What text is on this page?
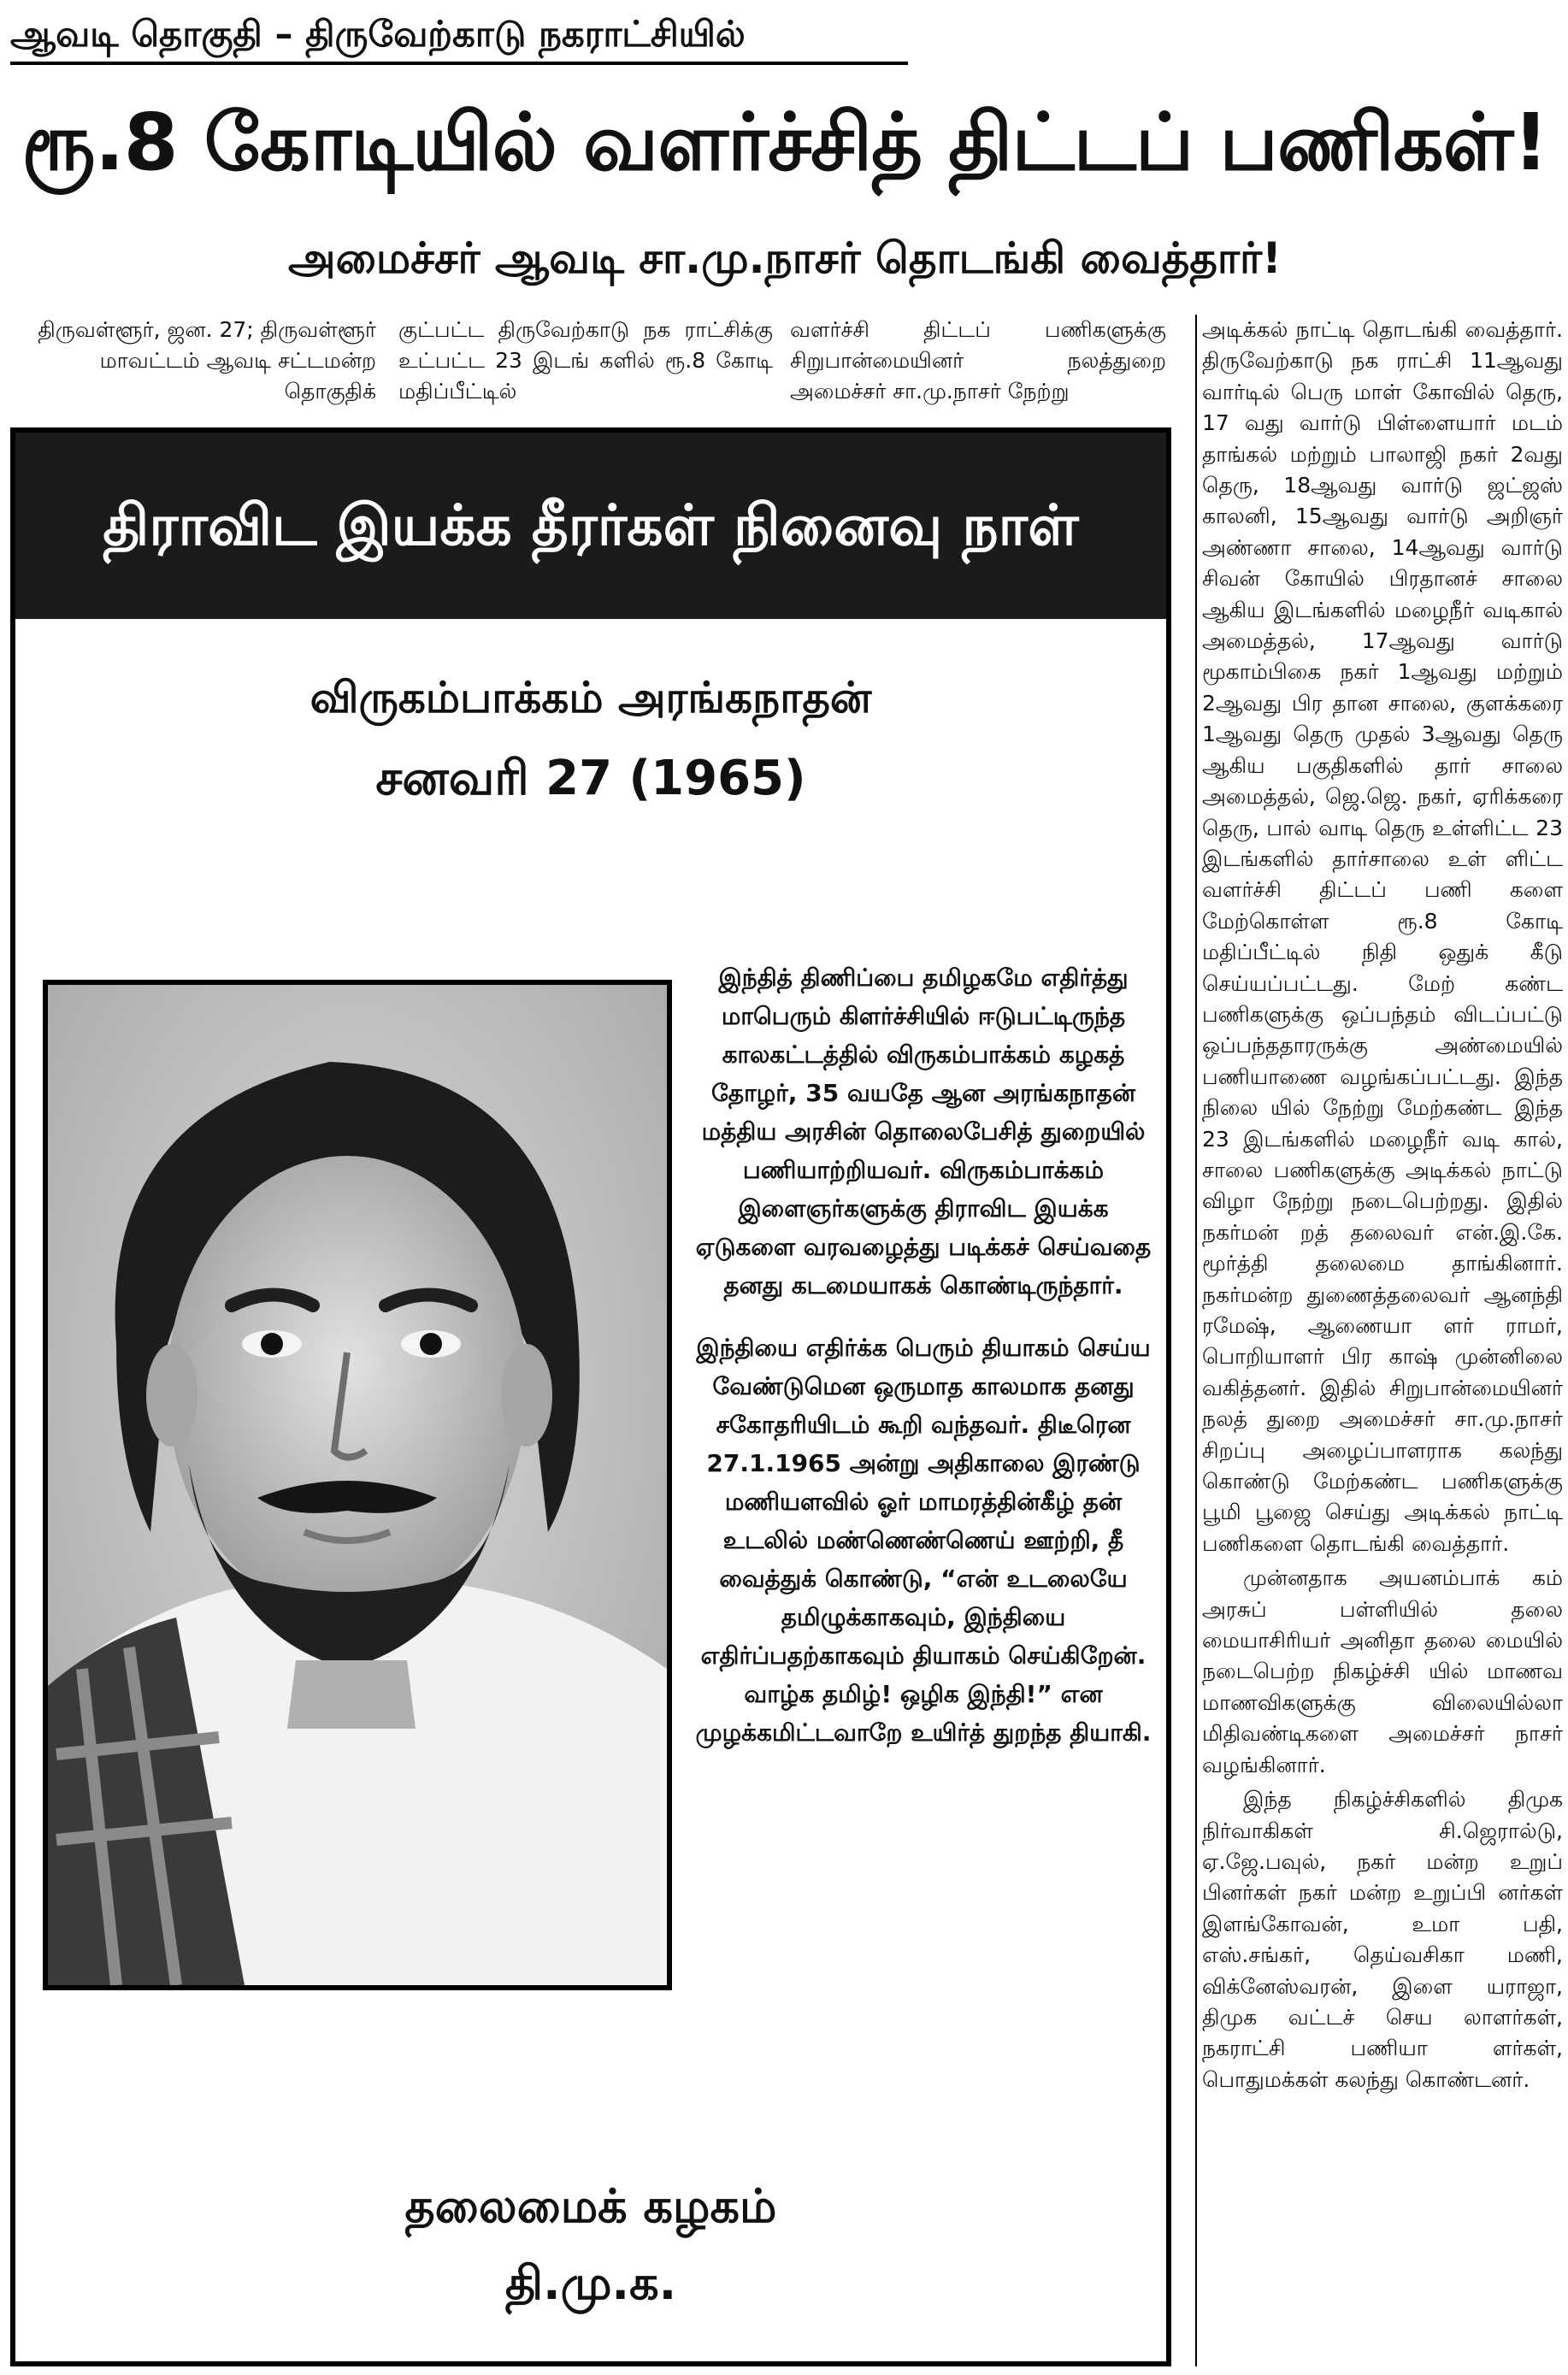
ஆவடி தொகுதி – திருவேற்காடு நகராட்சியில்
ரூ.8 கோடியில் வளர்ச்சித் திட்டப் பணிகள்!
அமைச்சர் ஆவடி சா.மு.நாசர் தொடங்கி வைத்தார்!
திருவள்ளூர், ஜன. 27; திருவள்ளூர் மாவட்டம் ஆவடி சட்டமன்ற தொகுதிக்
குட்பட்ட திருவேற்காடு நக ராட்சிக்கு உட்பட்ட 23 இடங் களில் ரூ.8 கோடி மதிப்பீட்டில்
வளர்ச்சி திட்டப் பணிகளுக்கு சிறுபான்மையினர் நலத்துறை அமைச்சர் சா.மு.நாசர் நேற்று

அடிக்கல் நாட்டி தொடங்கி வைத்தார். திருவேற்காடு நக ராட்சி 11ஆவது வார்டில் பெரு மாள் கோவில் தெரு, 17 வது வார்டு பிள்ளையார் மடம் தாங்கல் மற்றும் பாலாஜி நகர் 2வது தெரு, 18ஆவது வார்டு ஜட்ஜஸ் காலனி, 15ஆவது வார்டு அறிஞர் அண்ணா சாலை, 14ஆவது வார்டு சிவன் கோயில் பிரதானச் சாலை ஆகிய இடங்களில் மழைநீர் வடிகால் அமைத்தல், 17ஆவது வார்டு மூகாம்பிகை நகர் 1ஆவது மற்றும் 2ஆவது பிர தான சாலை, குளக்கரை 1ஆவது தெரு முதல் 3ஆவது தெரு ஆகிய பகுதிகளில் தார் சாலை அமைத்தல், ஜெ.ஜெ. நகர், ஏரிக்கரை தெரு, பால் வாடி தெரு உள்ளிட்ட 23 இடங்களில் தார்சாலை உள் ளிட்ட வளர்ச்சி திட்டப் பணி களை மேற்கொள்ள ரூ.8 கோடி மதிப்பீட்டில் நிதி ஒதுக் கீடு செய்யப்பட்டது. மேற் கண்ட பணிகளுக்கு ஒப்பந்தம் விடப்பட்டு ஒப்பந்ததாரருக்கு அண்மையில் பணியாணை வழங்கப்பட்டது. இந்த நிலை யில் நேற்று மேற்கண்ட இந்த 23 இடங்களில் மழைநீர் வடி கால், சாலை பணிகளுக்கு அடிக்கல் நாட்டு விழா நேற்று நடைபெற்றது. இதில் நகர்மன் றத் தலைவர் என்.இ.கே. மூர்த்தி தலைமை தாங்கினார். நகர்மன்ற துணைத்தலைவர் ஆனந்தி ரமேஷ், ஆணையா ளர் ராமர், பொறியாளர் பிர காஷ் முன்னிலை வகித்தனர். இதில் சிறுபான்மையினர் நலத் துறை அமைச்சர் சா.மு.நாசர் சிறப்பு அழைப்பாளராக கலந்து கொண்டு மேற்கண்ட பணிகளுக்கு பூமி பூஜை செய்து அடிக்கல் நாட்டி பணிகளை தொடங்கி வைத்தார்.

முன்னதாக அயனம்பாக் கம் அரசுப் பள்ளியில் தலை மையாசிரியர் அனிதா தலை மையில் நடைபெற்ற நிகழ்ச்சி யில் மாணவ மாணவிகளுக்கு விலையில்லா மிதிவண்டிகளை அமைச்சர் நாசர் வழங்கினார்.

இந்த நிகழ்ச்சிகளில் திமுக நிர்வாகிகள் சி.ஜெரால்டு, ஏ.ஜே.பவுல், நகர் மன்ற உறுப் பினர்கள் நகர் மன்ற உறுப்பி னர்கள் இளங்கோவன், உமா பதி, எஸ்.சங்கர், தெய்வசிகா மணி, விக்னேஸ்வரன், இளை யராஜா, திமுக வட்டச் செய லாளர்கள், நகராட்சி பணியா ளர்கள், பொதுமக்கள் கலந்து கொண்டனர்.

திராவிட இயக்க தீரர்கள் நினைவு நாள்
விருகம்பாக்கம் அரங்கநாதன்
சனவரி 27 (1965)

இந்தித் திணிப்பை தமிழகமே எதிர்த்து மாபெரும் கிளர்ச்சியில் ஈடுபட்டிருந்த காலகட்டத்தில் விருகம்பாக்கம் கழகத் தோழர், 35 வயதே ஆன அரங்கநாதன் மத்திய அரசின் தொலைபேசித் துறையில் பணியாற்றியவர். விருகம்பாக்கம் இளைஞர்களுக்கு திராவிட இயக்க ஏடுகளை வரவழைத்து படிக்கச் செய்வதை தனது கடமையாகக் கொண்டிருந்தார்.

இந்தியை எதிர்க்க பெரும் தியாகம் செய்ய வேண்டுமென ஒருமாத காலமாக தனது சகோதரியிடம் கூறி வந்தவர். திடீரென 27.1.1965 அன்று அதிகாலை இரண்டு மணியளவில் ஓர் மாமரத்தின்கீழ் தன் உடலில் மண்ணெண்ணெய் ஊற்றி, தீ வைத்துக் கொண்டு, “என் உடலையே தமிழுக்காகவும், இந்தியை எதிர்ப்பதற்காகவும் தியாகம் செய்கிறேன். வாழ்க தமிழ்! ஒழிக இந்தி!” என முழக்கமிட்டவாறே உயிர்த் துறந்த தியாகி.

தலைமைக் கழகம்
தி.மு.க.
